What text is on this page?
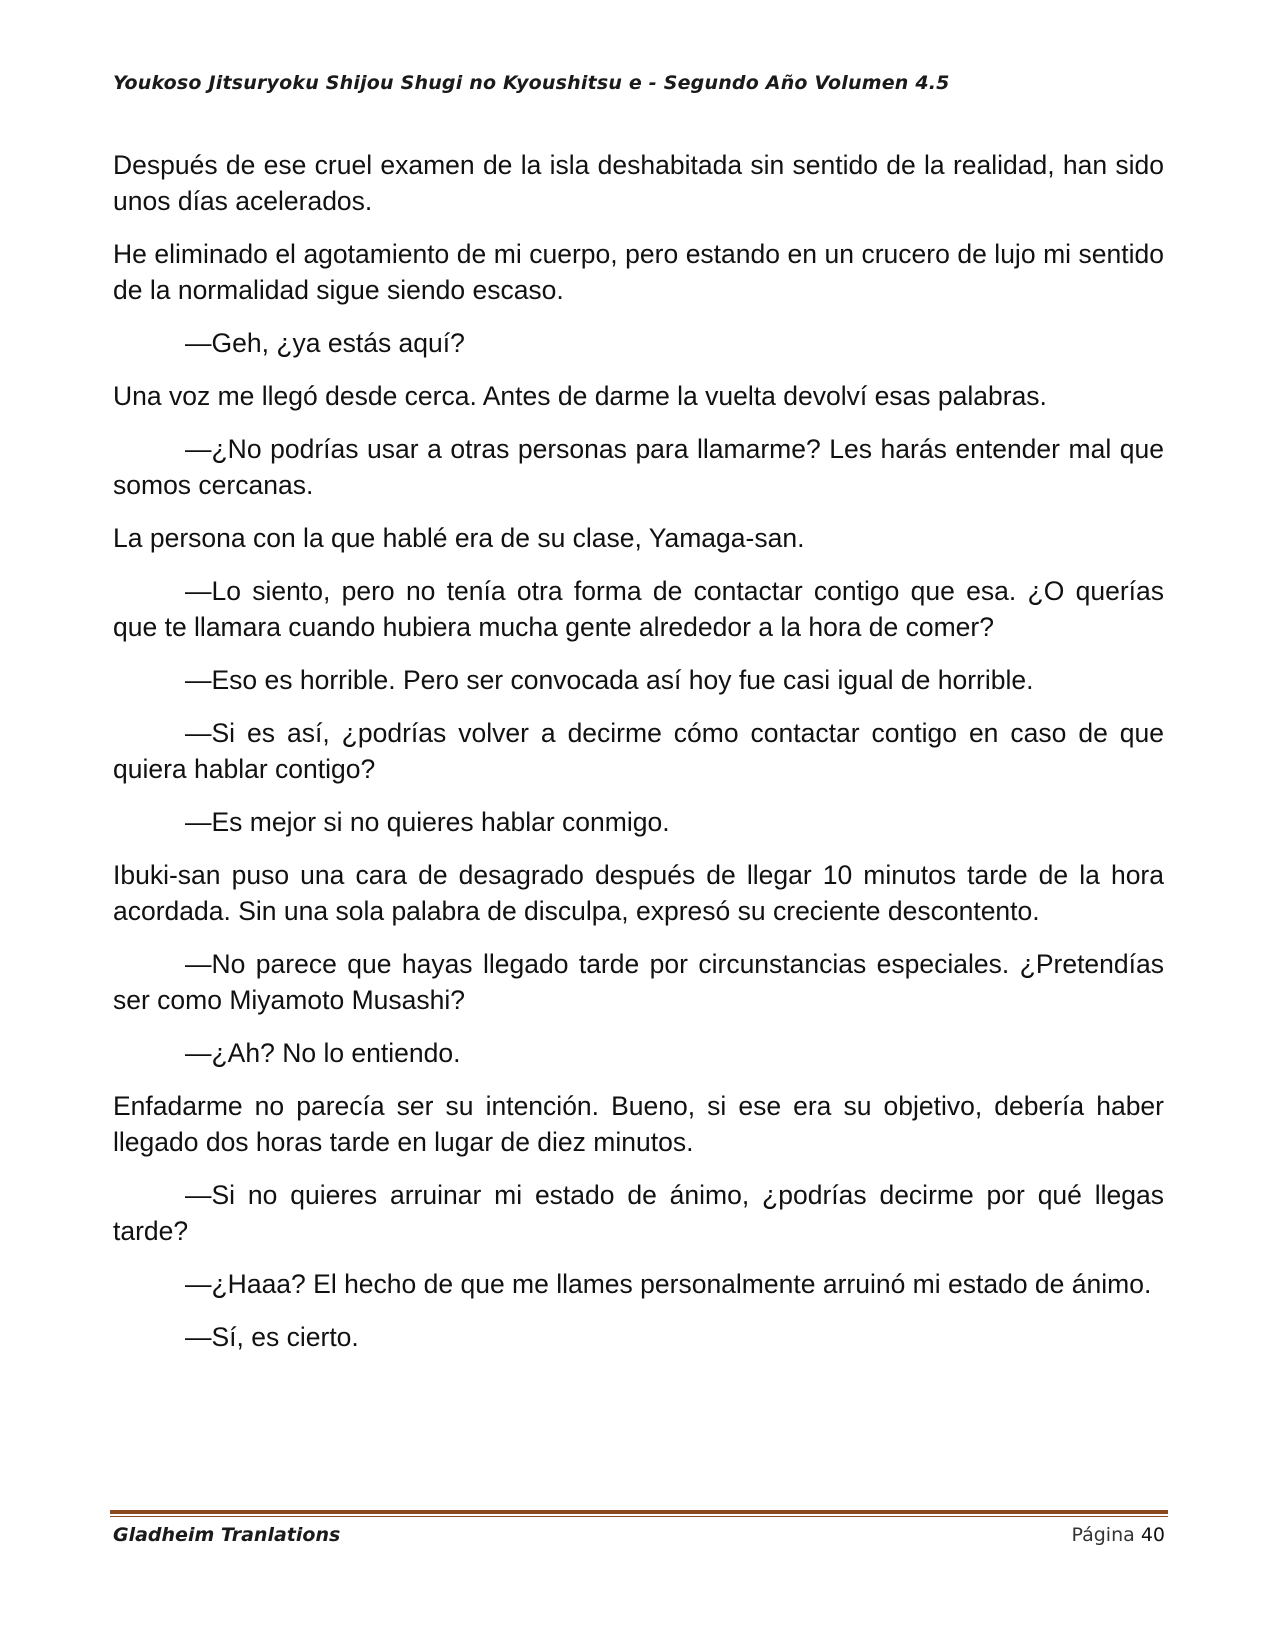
Youkoso Jitsuryoku Shijou Shugi no Kyoushitsu e - Segundo Año Volumen 4.5

Después de ese cruel examen de la isla deshabitada sin sentido de la realidad, han sido unos días acelerados.

He eliminado el agotamiento de mi cuerpo, pero estando en un crucero de lujo mi sentido de la normalidad sigue siendo escaso.

—Geh, ¿ya estás aquí?

Una voz me llegó desde cerca. Antes de darme la vuelta devolví esas palabras.

—¿No podrías usar a otras personas para llamarme? Les harás entender mal que somos cercanas.

La persona con la que hablé era de su clase, Yamaga-san.

—Lo siento, pero no tenía otra forma de contactar contigo que esa. ¿O querías que te llamara cuando hubiera mucha gente alrededor a la hora de comer?

—Eso es horrible. Pero ser convocada así hoy fue casi igual de horrible.

—Si es así, ¿podrías volver a decirme cómo contactar contigo en caso de que quiera hablar contigo?

—Es mejor si no quieres hablar conmigo.

Ibuki-san puso una cara de desagrado después de llegar 10 minutos tarde de la hora acordada. Sin una sola palabra de disculpa, expresó su creciente descontento.

—No parece que hayas llegado tarde por circunstancias especiales. ¿Pretendías ser como Miyamoto Musashi?

—¿Ah? No lo entiendo.

Enfadarme no parecía ser su intención. Bueno, si ese era su objetivo, debería haber llegado dos horas tarde en lugar de diez minutos.

—Si no quieres arruinar mi estado de ánimo, ¿podrías decirme por qué llegas tarde?

—¿Haaa? El hecho de que me llames personalmente arruinó mi estado de ánimo.

—Sí, es cierto.

Gladheim Tranlations	Página 40
